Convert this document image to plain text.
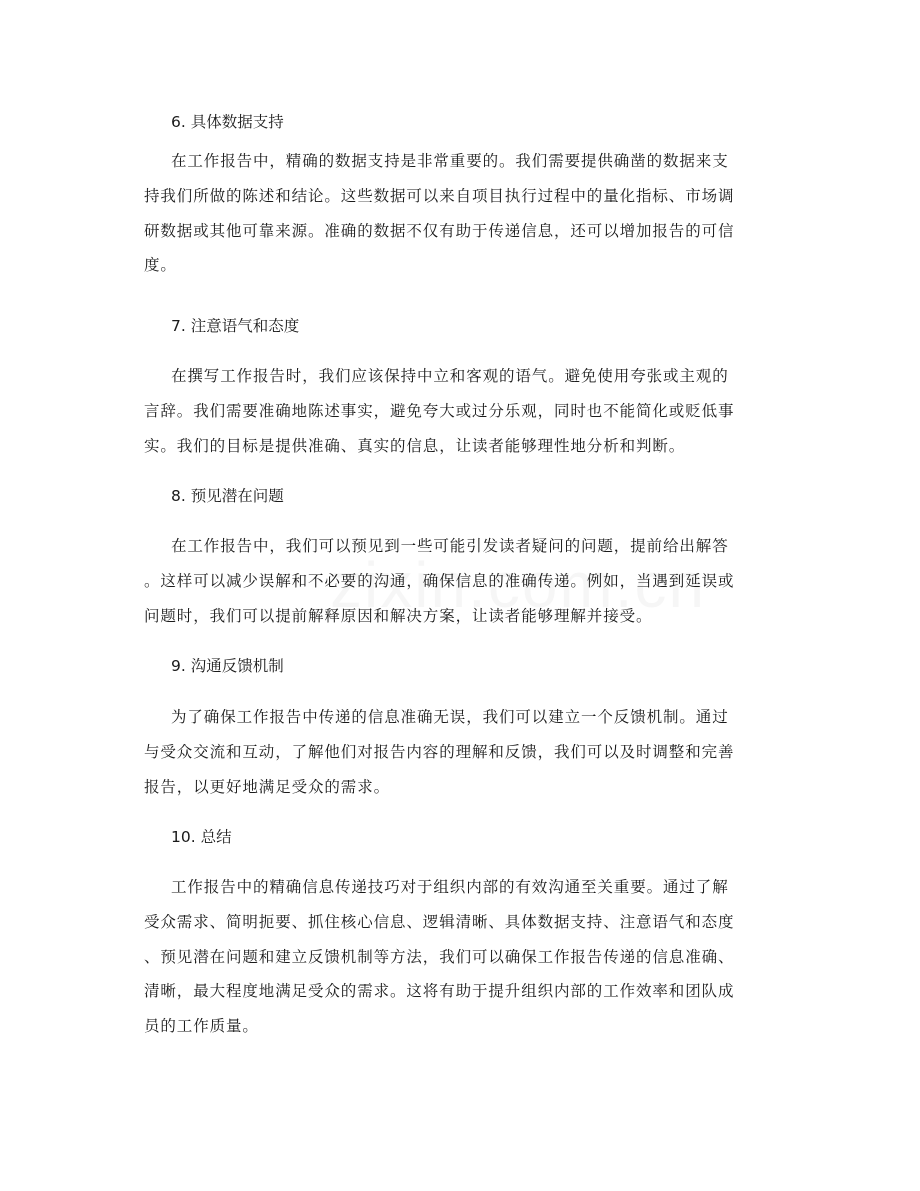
6. 具体数据支持
在工作报告中，精确的数据支持是非常重要的。我们需要提供确凿的数据来支
持我们所做的陈述和结论。这些数据可以来自项目执行过程中的量化指标、市场调
研数据或其他可靠来源。准确的数据不仅有助于传递信息，还可以增加报告的可信
度。
7. 注意语气和态度
在撰写工作报告时，我们应该保持中立和客观的语气。避免使用夸张或主观的
言辞。我们需要准确地陈述事实，避免夸大或过分乐观，同时也不能简化或贬低事
实。我们的目标是提供准确、真实的信息，让读者能够理性地分析和判断。
8. 预见潜在问题
在工作报告中，我们可以预见到一些可能引发读者疑问的问题，提前给出解答
。这样可以减少误解和不必要的沟通，确保信息的准确传递。例如，当遇到延误或
问题时，我们可以提前解释原因和解决方案，让读者能够理解并接受。
9. 沟通反馈机制
为了确保工作报告中传递的信息准确无误，我们可以建立一个反馈机制。通过
与受众交流和互动，了解他们对报告内容的理解和反馈，我们可以及时调整和完善
报告，以更好地满足受众的需求。
10. 总结
工作报告中的精确信息传递技巧对于组织内部的有效沟通至关重要。通过了解
受众需求、简明扼要、抓住核心信息、逻辑清晰、具体数据支持、注意语气和态度
、预见潜在问题和建立反馈机制等方法，我们可以确保工作报告传递的信息准确、
清晰，最大程度地满足受众的需求。这将有助于提升组织内部的工作效率和团队成
员的工作质量。
